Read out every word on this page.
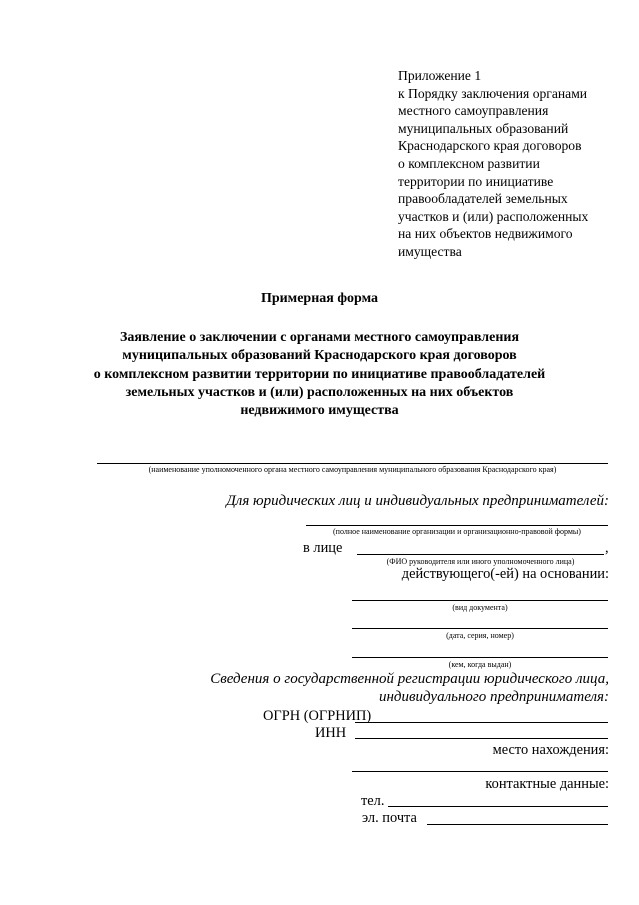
Приложение 1
к Порядку заключения органами
местного самоуправления
муниципальных образований
Краснодарского края договоров
о комплексном развитии
территории по инициативе
правообладателей земельных
участков и (или) расположенных
на них объектов недвижимого
имущества
Примерная форма
Заявление о заключении с органами местного самоуправления
муниципальных образований Краснодарского края договоров
о комплексном развитии территории по инициативе правообладателей
земельных участков и (или) расположенных на них объектов
недвижимого имущества
(наименование уполномоченного органа местного самоуправления муниципального образования Краснодарского края)
Для юридических лиц и индивидуальных предпринимателей:
(полное наименование организации и организационно-правовой формы)
в лице	,
(ФИО руководителя или иного уполномоченного лица)
действующего(-ей) на основании:
(вид документа)
(дата, серия, номер)
(кем, когда выдан)
Сведения о государственной регистрации юридического лица,
индивидуального предпринимателя:
ОГРН (ОГРНИП)
ИНН
место нахождения:
контактные данные:
тел.
эл. почта
